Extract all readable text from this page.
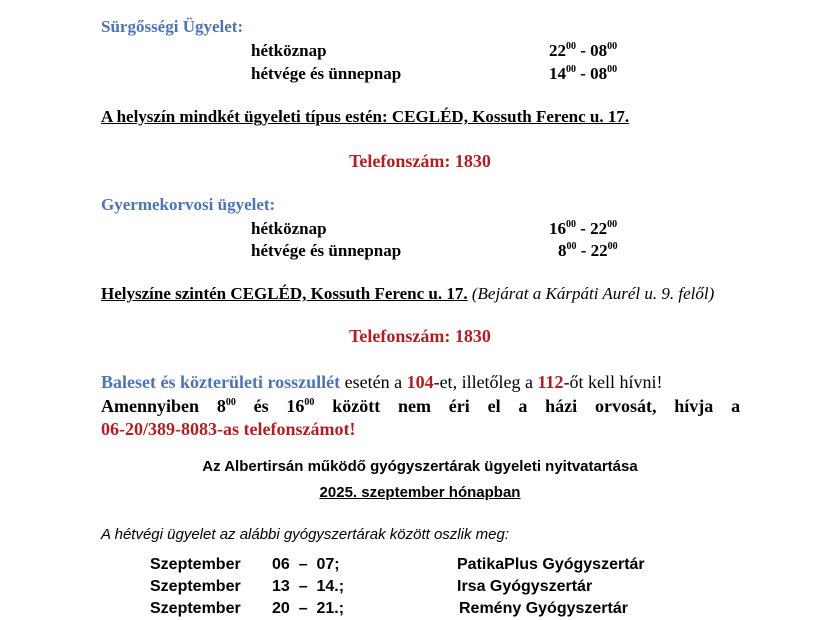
Sürgősségi Ügyelet:
hétköznap	$22^{00} - 08^{00}$
hétvége és ünnepnap	$14^{00} - 08^{00}$
A helyszín mindkét ügyeleti típus estén: CEGLÉD, Kossuth Ferenc u. 17.
Telefonszám: 1830
Gyermekorvosi ügyelet:
hétköznap	$16^{00} - 22^{00}$
hétvége és ünnepnap	$8^{00} - 22^{00}$
Helyszíne szintén CEGLÉD, Kossuth Ferenc u. 17. (Bejárat a Kárpáti Aurél u. 9. felől)
Telefonszám: 1830
Baleset és közterületi rosszullét esetén a 104-et, illetőleg a 112-őt kell hívni!
Amennyiben $8^{00}$ és $16^{00}$ között nem éri el a házi orvosát, hívja a
06-20/389-8083-as telefonszámot!
Az Albertirsán működő gyógyszertárak ügyeleti nyitvatartása
2025. szeptember hónapban
A hétvégi ügyelet az alábbi gyógyszertárak között oszlik meg:
Szeptember 06  –  07;	PatikaPlus Gyógyszertár
Szeptember 13  –  14.;	Irsa Gyógyszertár
Szeptember 20  –  21.;	Remény Gyógyszertár
